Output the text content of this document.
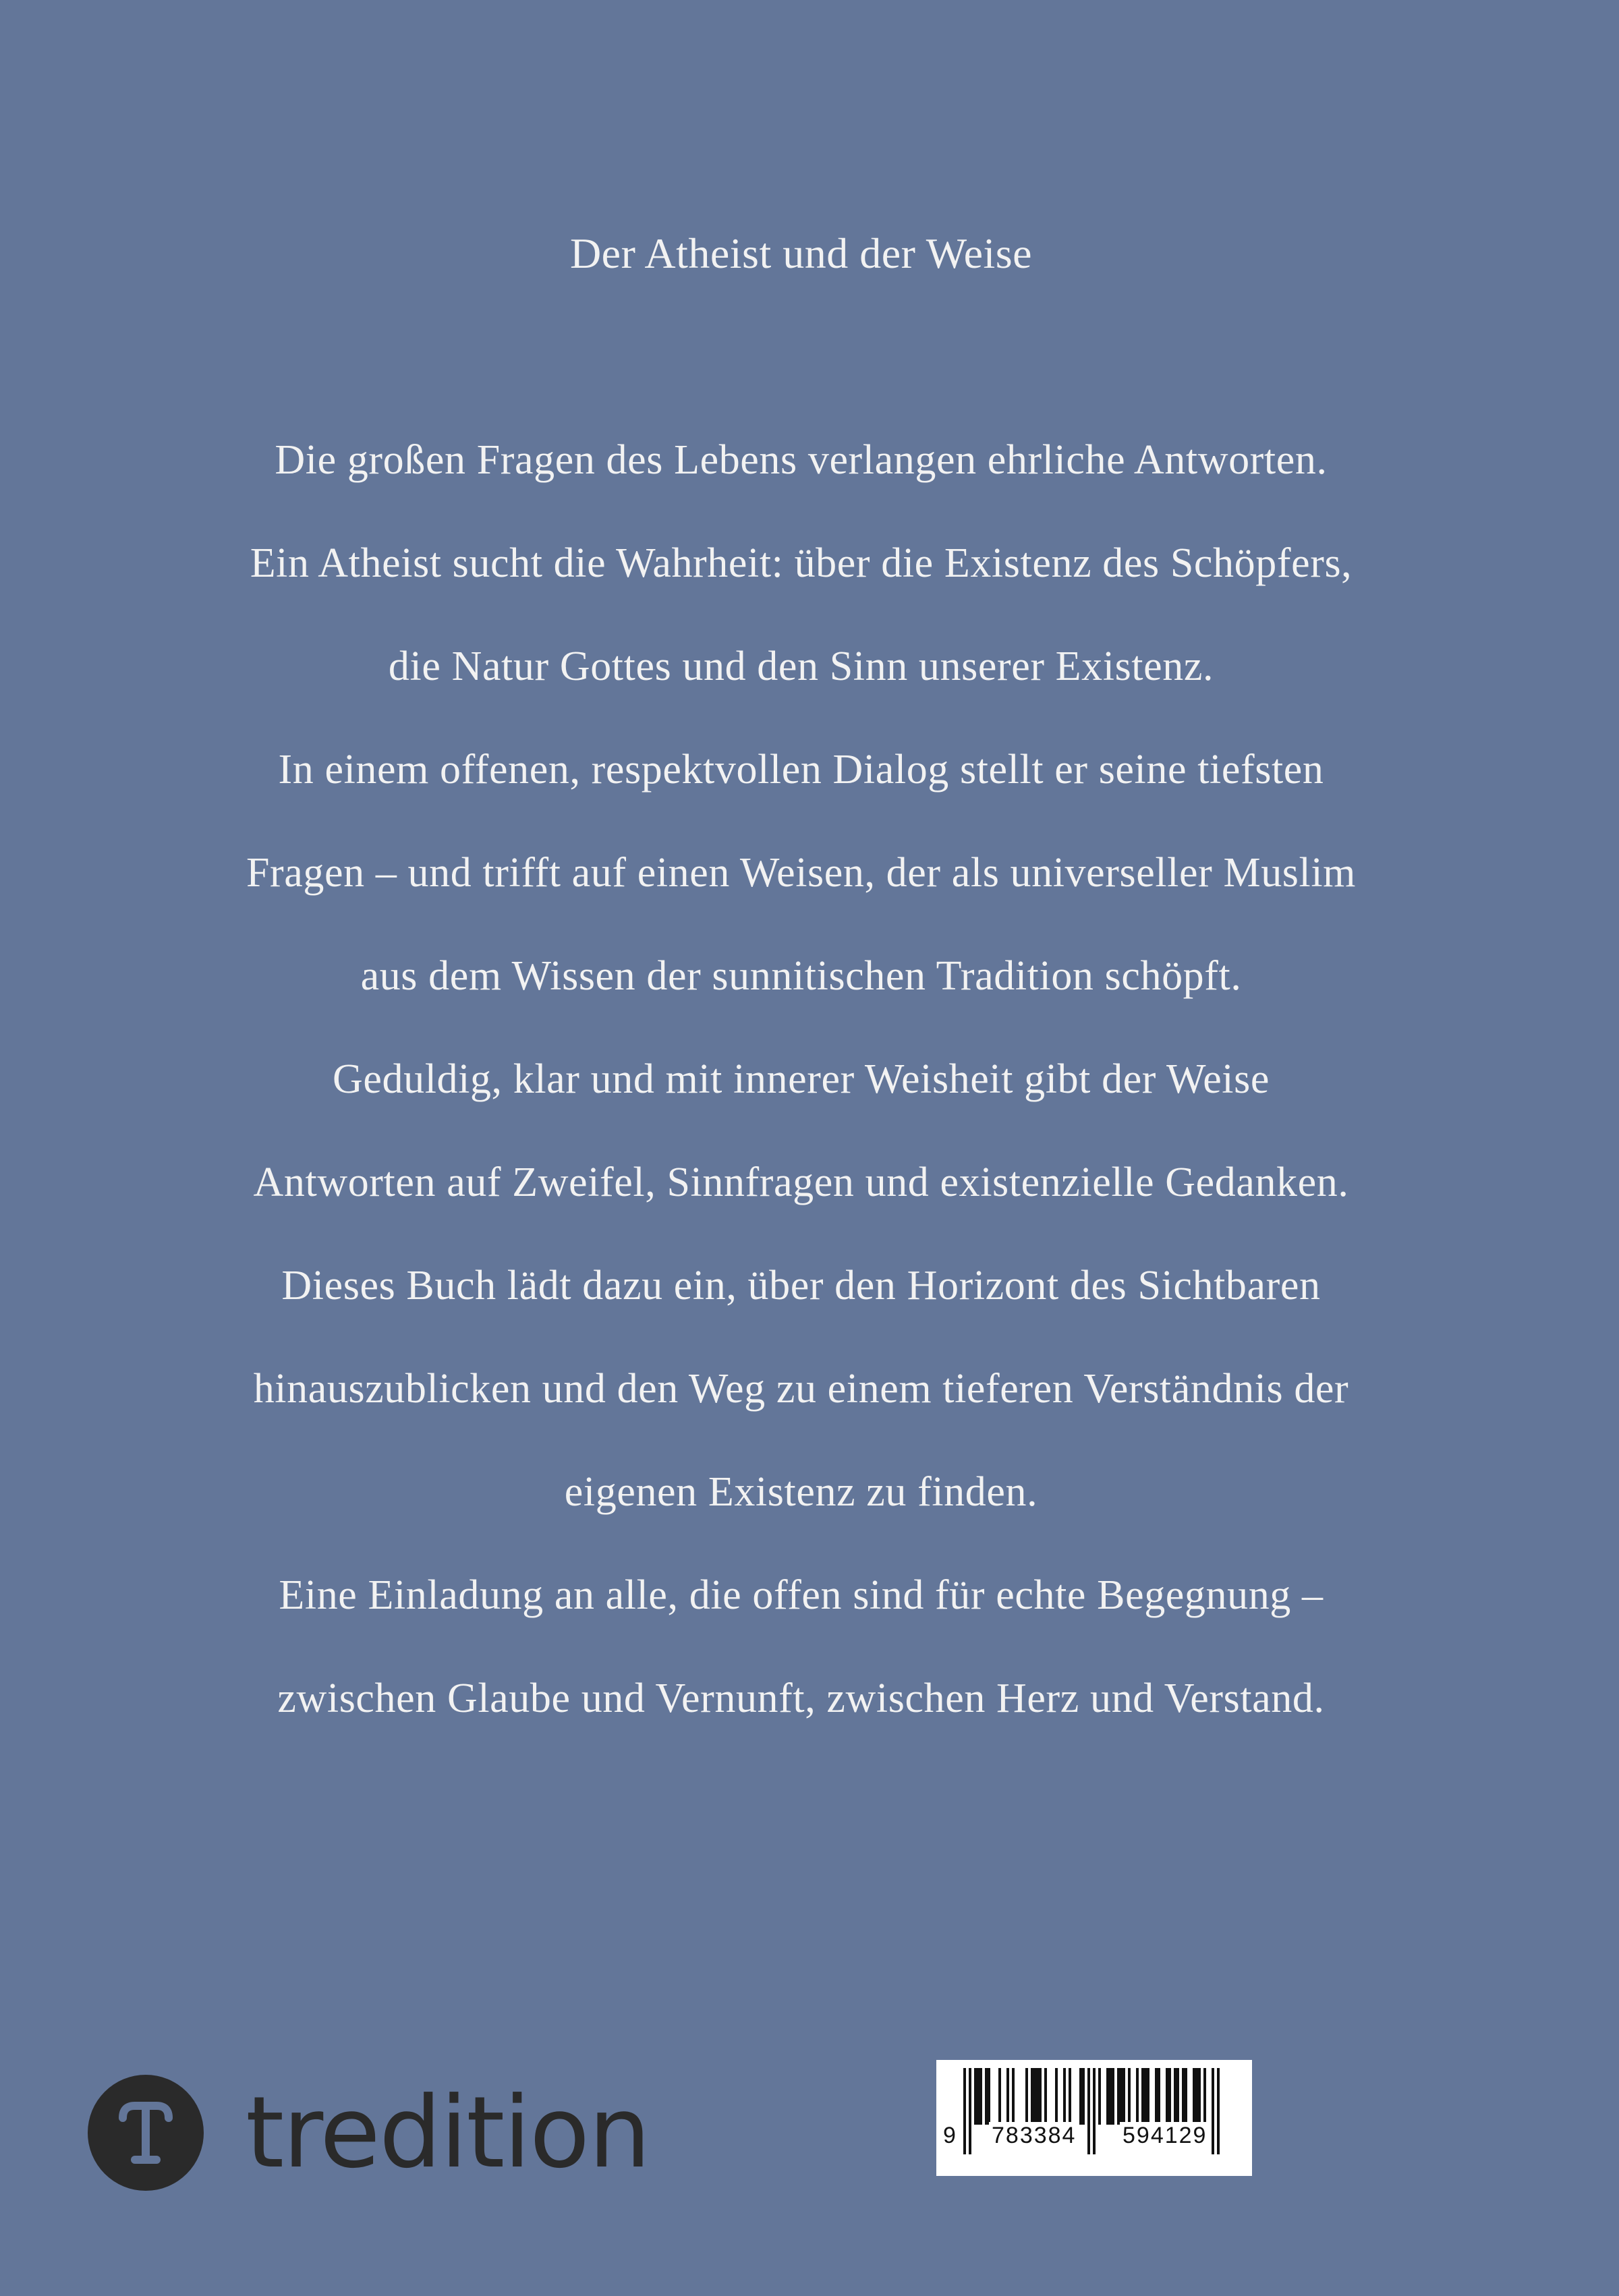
Der Atheist und der Weise
Die großen Fragen des Lebens verlangen ehrliche Antworten.
Ein Atheist sucht die Wahrheit: über die Existenz des Schöpfers,
die Natur Gottes und den Sinn unserer Existenz.
In einem offenen, respektvollen Dialog stellt er seine tiefsten
Fragen – und trifft auf einen Weisen, der als universeller Muslim
aus dem Wissen der sunnitischen Tradition schöpft.
Geduldig, klar und mit innerer Weisheit gibt der Weise
Antworten auf Zweifel, Sinnfragen und existenzielle Gedanken.
Dieses Buch lädt dazu ein, über den Horizont des Sichtbaren
hinauszublicken und den Weg zu einem tieferen Verständnis der
eigenen Existenz zu finden.
Eine Einladung an alle, die offen sind für echte Begegnung –
zwischen Glaube und Vernunft, zwischen Herz und Verstand.
tredition	9 783384 594129
